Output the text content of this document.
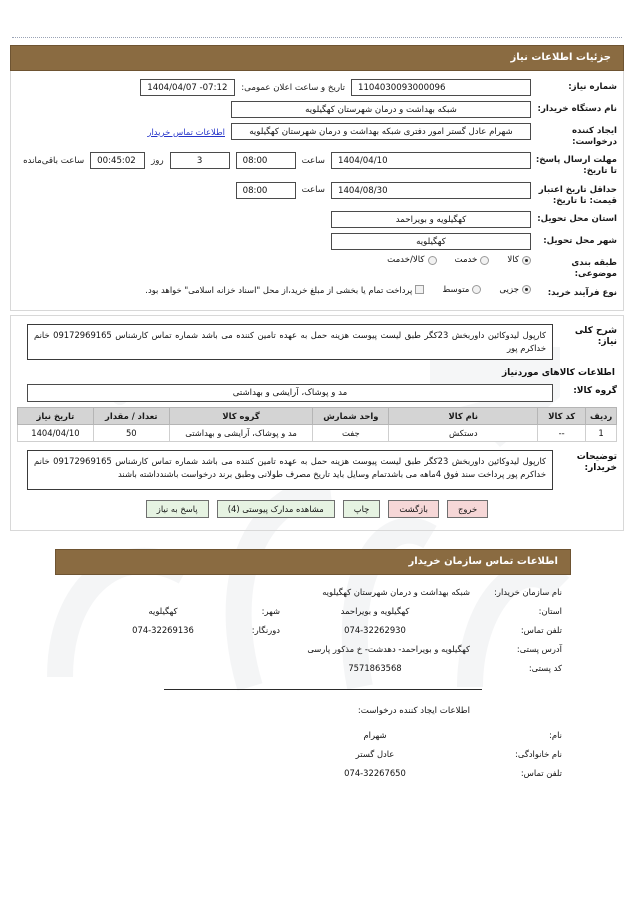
جزئیات اطلاعات نیاز
شماره نیاز:
1104030093000096
تاریخ و ساعت اعلان عمومی:
1404/04/07 -07:12
نام دستگاه خریدار:
شبکه بهداشت و درمان شهرستان کهگیلویه
ایجاد کننده درخواست:
شهرام عادل گستر امور دفتری شبکه بهداشت و درمان شهرستان کهگیلویه
اطلاعات تماس خریدار
مهلت ارسال پاسخ: تا تاریخ:
1404/04/10
ساعت
08:00
3
روز
00:45:02
ساعت باقی‌مانده
حداقل تاریخ اعتبار قیمت: تا تاریخ:
1404/08/30
ساعت
08:00
استان محل تحویل:
کهگیلویه و بویراحمد
شهر محل تحویل:
کهگیلویه
طبقه بندی موضوعی:
کالا
خدمت
کالا/خدمت
نوع فرآیند خرید:
جزیی
متوسط
پرداخت تمام یا بخشی از مبلغ خرید،از محل "اسناد خزانه اسلامی" خواهد بود.
شرح کلی نیاز:
کارپول لیدوکائین داوربخش 23کگر طبق لیست پیوست هزینه حمل به عهده تامین کننده می باشد شماره تماس کارشناس 09172969165 خانم خداکرم پور
اطلاعات کالاهای موردنیاز
گروه کالا:
مد و پوشاک، آرایشی و بهداشتی
ردیف	کد کالا	نام کالا	واحد شمارش	گروه کالا	تعداد / مقدار	تاریخ نیاز
1	--	دستکش	جفت	مد و پوشاک، آرایشی و بهداشتی	50	1404/04/10
توضیحات خریدار:
کارپول لیدوکائین داوربخش 23کگر طبق لیست پیوست هزینه حمل به عهده تامین کننده می باشد شماره تماس کارشناس 09172969165 خانم خداکرم پور پرداخت سند فوق 4ماهه می باشدتمام وسایل باید تاریخ مصرف طولانی وطبق برند درخواست باشندداشته باشند
خروج
بازگشت
چاپ
مشاهده مدارک پیوستی (4)
پاسخ به نیاز
اطلاعات تماس سازمان خریدار
نام سازمان خریدار:
شبکه بهداشت و درمان شهرستان کهگیلویه
استان:
کهگیلویه و بویراحمد
شهر:
کهگیلویه
تلفن تماس:
074-32262930
دورنگار:
074-32269136
آدرس پستی:
کهگیلویه و بویراحمد- دهدشت- خ مذکور پارسی
کد پستی:
7571863568
اطلاعات ایجاد کننده درخواست:
نام:
شهرام
نام خانوادگی:
عادل گستر
تلفن تماس:
074-32267650
